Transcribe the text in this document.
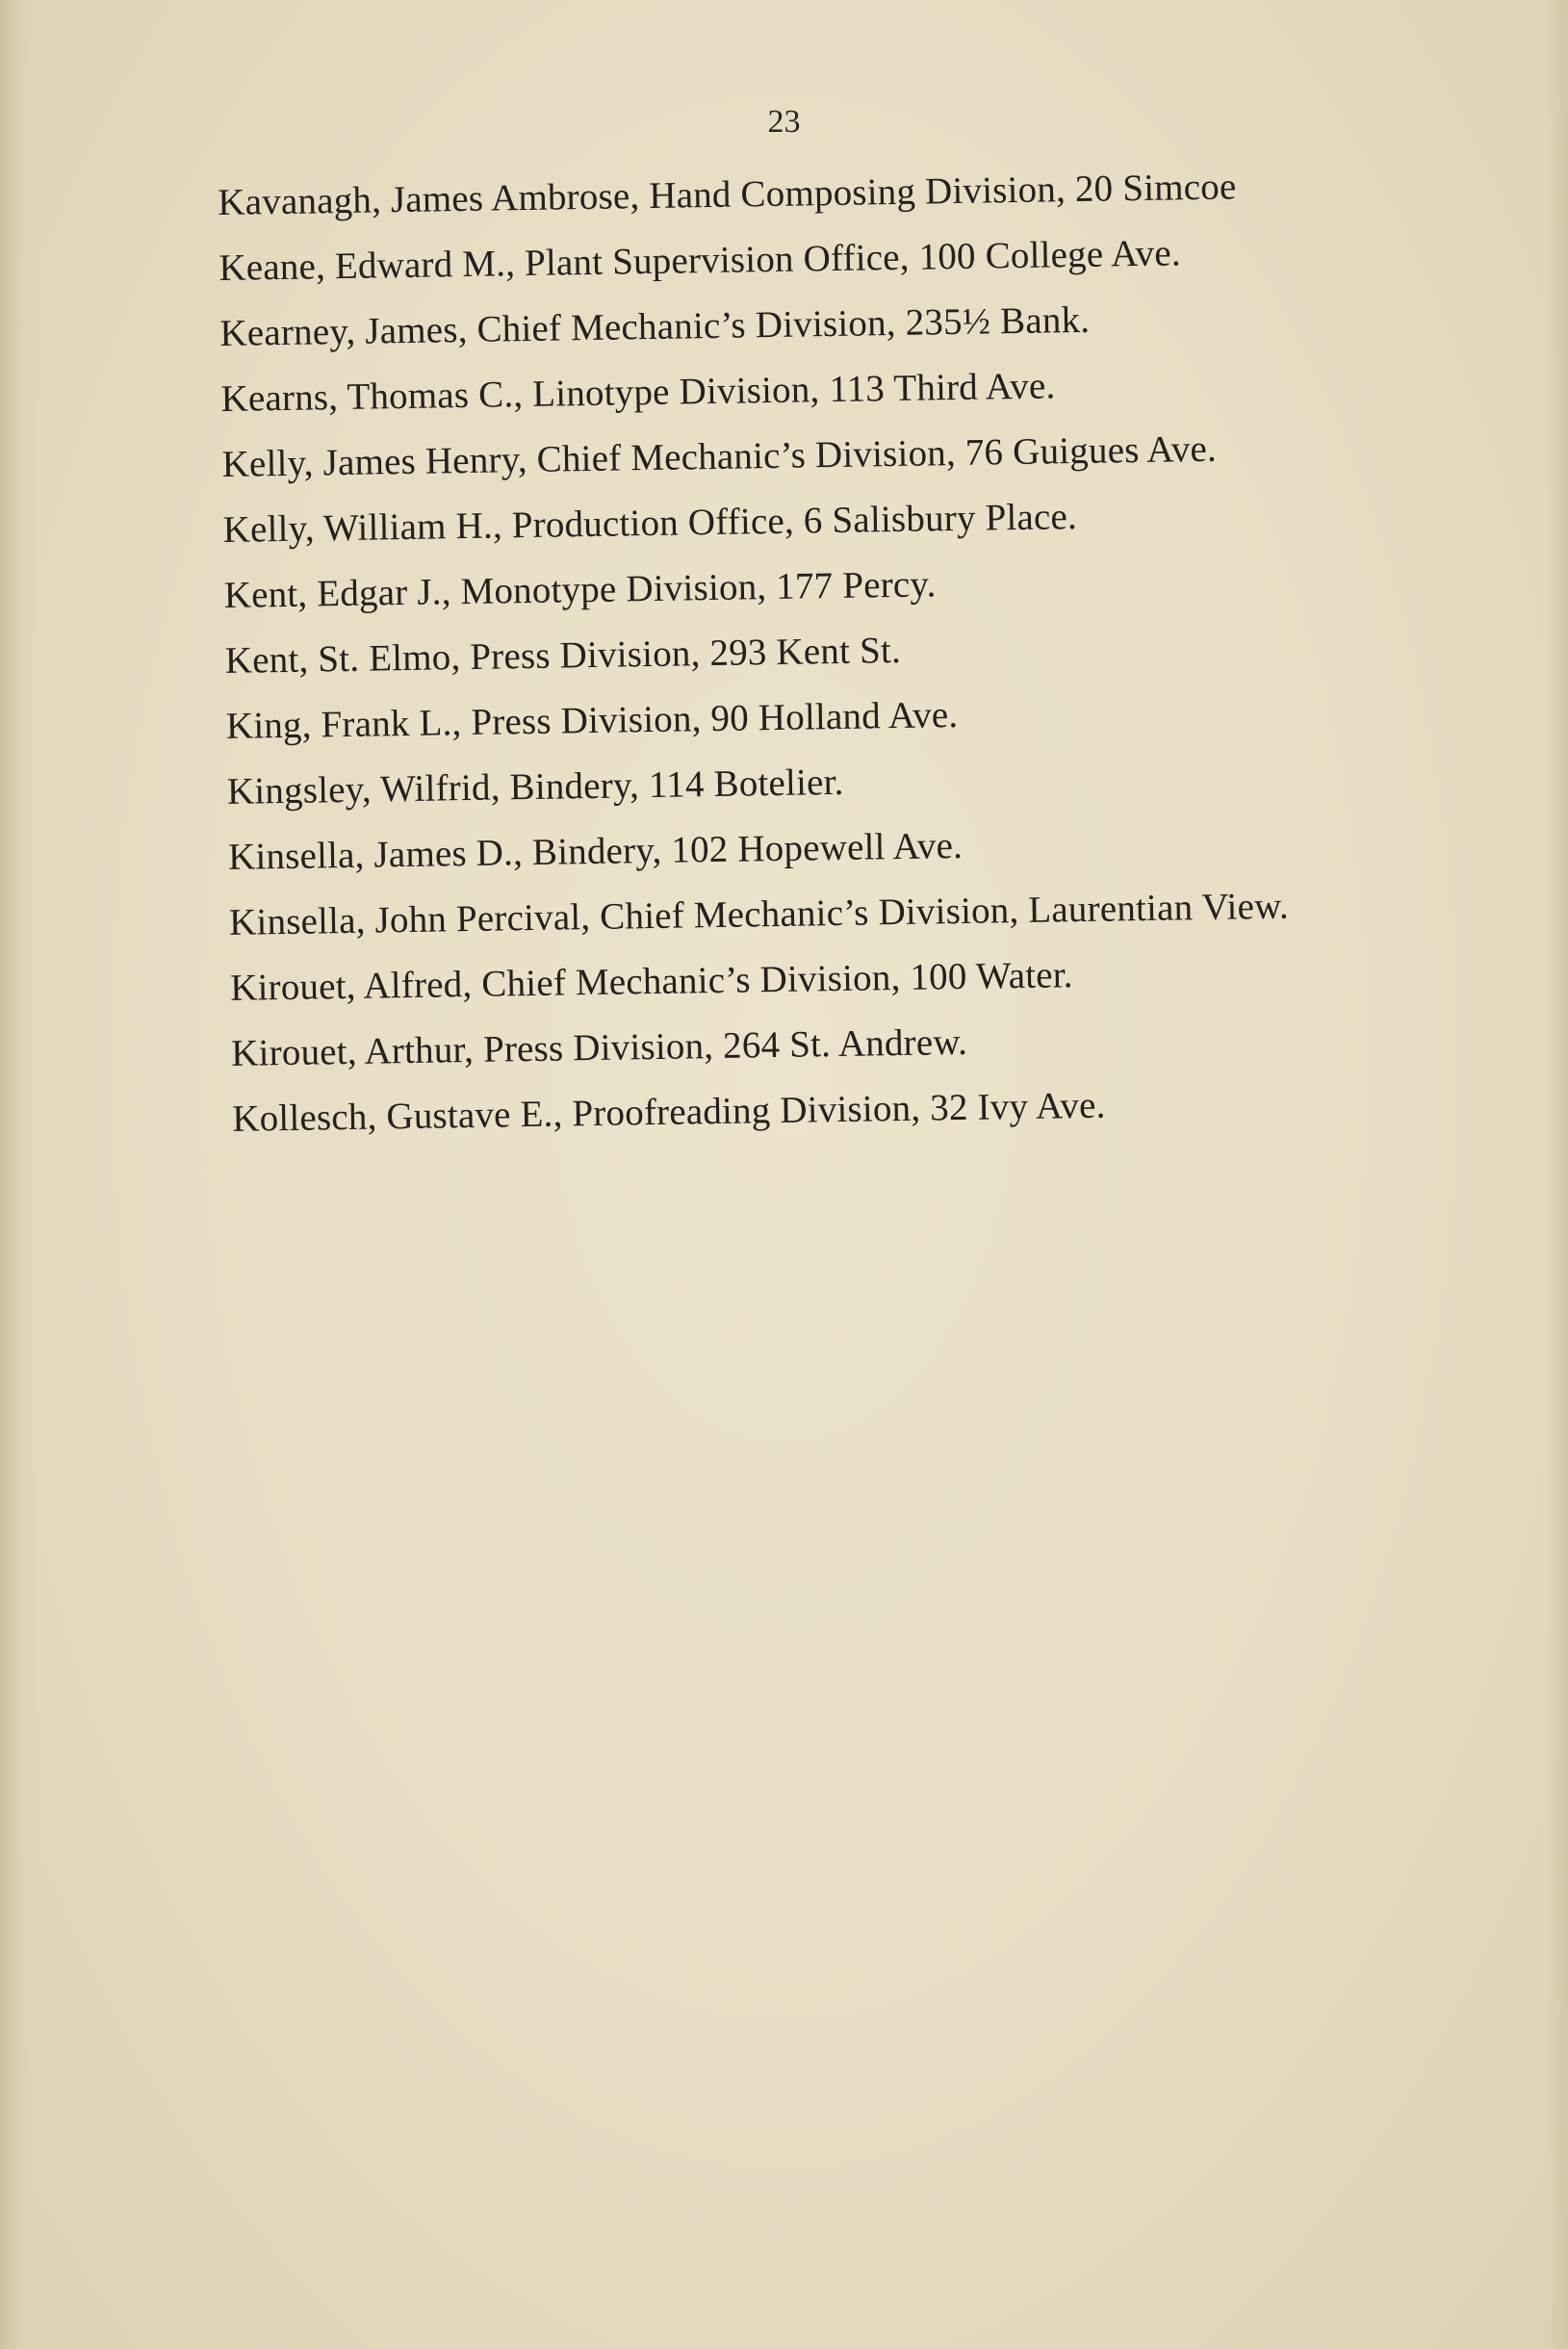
23
Kavanagh, James Ambrose, Hand Composing Division, 20 Simcoe
Keane, Edward M., Plant Supervision Office, 100 College Ave.
Kearney, James, Chief Mechanic’s Division, 235½ Bank.
Kearns, Thomas C., Linotype Division, 113 Third Ave.
Kelly, James Henry, Chief Mechanic’s Division, 76 Guigues Ave.
Kelly, William H., Production Office, 6 Salisbury Place.
Kent, Edgar J., Monotype Division, 177 Percy.
Kent, St. Elmo, Press Division, 293 Kent St.
King, Frank L., Press Division, 90 Holland Ave.
Kingsley, Wilfrid, Bindery, 114 Botelier.
Kinsella, James D., Bindery, 102 Hopewell Ave.
Kinsella, John Percival, Chief Mechanic’s Division, Laurentian View.
Kirouet, Alfred, Chief Mechanic’s Division, 100 Water.
Kirouet, Arthur, Press Division, 264 St. Andrew.
Kollesch, Gustave E., Proofreading Division, 32 Ivy Ave.
